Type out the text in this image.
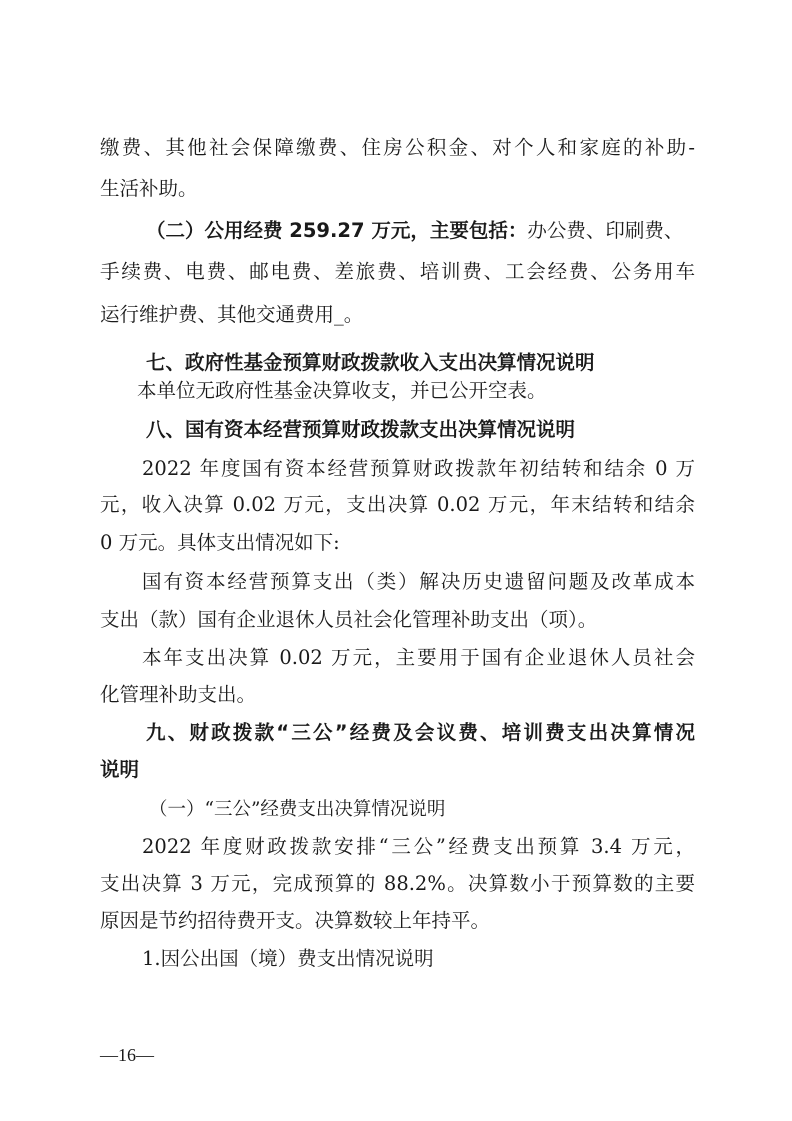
缴费、其他社会保障缴费、住房公积金、对个人和家庭的补助-
生活补助。
（二）公用经费 259.27 万元，主要包括：办公费、印刷费、
手续费、电费、邮电费、差旅费、培训费、工会经费、公务用车
运行维护费、其他交通费用_。
七、政府性基金预算财政拨款收入支出决算情况说明
本单位无政府性基金决算收支，并已公开空表。
八、国有资本经营预算财政拨款支出决算情况说明
2022 年度国有资本经营预算财政拨款年初结转和结余 0 万
元，收入决算 0.02 万元，支出决算 0.02 万元，年末结转和结余
0 万元。具体支出情况如下:
国有资本经营预算支出（类）解决历史遗留问题及改革成本
支出（款）国有企业退休人员社会化管理补助支出（项）。
本年支出决算 0.02 万元，主要用于国有企业退休人员社会
化管理补助支出。
九、财政拨款“三公”经费及会议费、培训费支出决算情况
说明
（一）“三公”经费支出决算情况说明
2022 年度财政拨款安排“三公”经费支出预算 3.4 万元，
支出决算 3 万元，完成预算的 88.2%。决算数小于预算数的主要
原因是节约招待费开支。决算数较上年持平。
1.因公出国（境）费支出情况说明
—16—
